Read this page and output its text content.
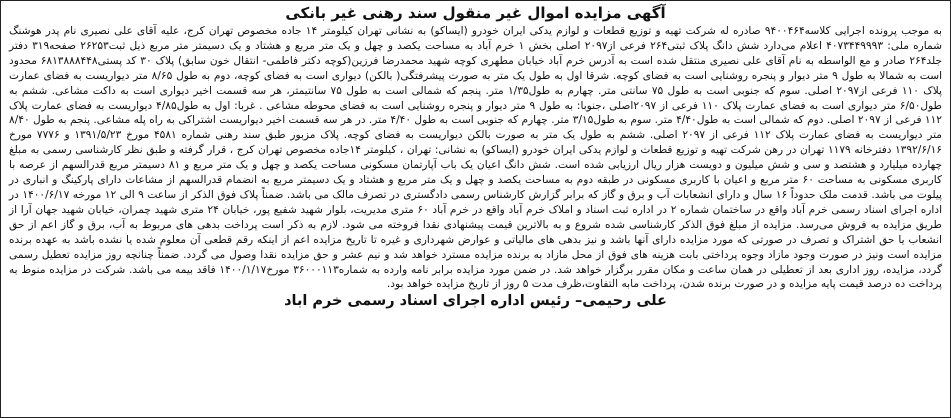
آگهی مزایده اموال غیر منقول سند رهنی غیر بانکی

به موجب پرونده اجرایی کلاسه۹۴۰۰۴۶۴ صادره له شرکت تهیه و توزیع قطعات و لوازم یدکی ایران خودرو (ایساکو) به نشانی تهران کیلومتر ۱۴ جاده مخصوص تهران کرج، علیه آقای علی نصیری نام پدر هوشنگ شماره ملی: ۴۰۷۳۴۴۹۹۹۳ اعلام می‌دارد شش دانگ پلاک ثبتی۲۶۴ فرعی از۲۰۹۷ اصلی بخش ۱ خرم آباد به مساحت یکصد و چهل و یک متر مربع و هشتاد و یک دسیمتر متر مربع ذیل ثبت۲۶۲۵۳ صفحه۳۱۹ دفتر جلد۲۶۴ صادر و مع الواسطه به نام آقای علی نصیری منتقل شده است به آدرس خرم آباد خیابان مطهری کوچه شهید محمدرضا فرزین(کوچه دکتر فاطمی- انتقال خون سابق) پلاک ۳۰ کد پستی۶۸۱۳۸۸۸۴۴۸ محدود است به شمالا به طول ۹ متر دیوار و پنجره روشنایی است به فضای کوچه. شرقا اول به طول یک متر به صورت پیشرفتگی( بالکن) دیواری است به فضای کوچه، دوم به طول ۸/۶۵ متر دیواریست به فضای عمارت پلاک ۱۱۰ فرعی از۲۰۹۷ اصلی. سوم که جنوبی است به طول ۷۵ سانتی متر. چهارم به طول۱/۳۵ متر. پنجم که شمالی است به طول ۷۵ سانتیمتر، هر سه قسمت اخیر دیواری است به داکت مشاعی. ششم به طول۶/۵۰ متر دیواری است به فضای عمارت پلاک ۱۱۰ فرعی از ۲۰۹۷اصلی ،جنوبا: به طول ۹ متر دیوار و پنجره روشنایی است به فضای محوطه مشاعی . غربا: اول به طول۴/۸۵ دیواریست به فضای عمارت پلاک ۱۱۲ فرعی از ۲۰۹۷ اصلی. دوم که شمالی است به طول۴/۴۰ متر. سوم به طول۳/۱۵ متر. چهارم که جنوبی است به طول ۴/۴۰ متر. در هر سه قسمت اخیر دیواریست اشتراکی به راه پله مشاعی. پنجم به طول ۸/۴۰ متر دیواریست به فضای عمارت پلاک ۱۱۲ فرعی از ۲۰۹۷ اصلی. ششم به طول یک متر به صورت بالکن دیواریست به فضای کوچه. پلاک مزبور طبق سند رهنی شماره ۴۵۸۱ مورخ ۱۳۹۱/۵/۲۳ و ۷۷۷۶ مورخ ۱۳۹۲/۶/۱۶ دفترخانه ۱۱۷۹ تهران در رهن شرکت تهیه و توزیع قطعات و لوازم یدکی ایران خودرو (ایساکو) به نشانی: تهران ، کیلومتر ۱۴جاده مخصوص تهران کرج ، قرار گرفته و طبق نظر کارشناسی رسمی به مبلغ چهارده میلیارد و هشتصد و سی و شش میلیون و دویست هزار ریال ارزیابی شده است. شش دانگ اعیان یک باب آپارتمان مسکونی مساحت یکصد و چهل و یک متر مربع و ۸۱ دسیمتر مربع قدرالسهم از عرصه با کاربری مسکونی به مساحت ۶۰ متر مربع و اعیان با کاربری مسکونی در طبقه دوم به مساحت یکصد و چهل و یک متر مربع و هشتاد و یک دسیمتر مربع به انضمام قدرالسهم از مشاعات دارای پارکینگ و انباری در پیلوت می باشد. قدمت ملک حدوداً ۱۶ سال و دارای انشعابات آب و برق و گاز که برابر گزارش کارشناس رسمی دادگستری در تصرف مالک می باشد. ضمناً پلاک فوق الذکر از ساعت ۹ الی ۱۲ مورخه ۱۴۰۰/۶/۱۷ در اداره اجرای اسناد رسمی خرم آباد واقع در ساختمان شماره ۲ در اداره ثبت اسناد و املاک خرم آباد واقع در خرم آباد ۶۰ متری مدیریت، بلوار شهید شفیع پور، خیابان ۲۴ متری شهید چمران، خیابان شهید جهان آرا از طریق مزایده به فروش می‌رسد. مزایده از مبلغ فوق الذکر کارشناسی شده شروع و به بالاترین قیمت پیشنهادی نقدا فروخته می شود. لازم به ذکر است پرداخت بدهی های مربوط به آب، برق و گاز اعم از حق انشعاب یا حق اشتراک و تصرف در صورتی که مورد مزایده دارای آنها باشد و نیز بدهی های مالیاتی و عوارض شهرداری و غیره تا تاریخ مزایده اعم از اینکه رقم قطعی آن معلوم شده یا نشده باشد به عهده برنده مزایده است ونیز در صورت وجود مازاد وجوه پرداختی بابت هزینه های فوق از محل مازاد به برنده مزایده مسترد خواهد شد و نیم عشر و حق مزایده نقدا وصول می گردد. ضمناً چنانچه روز مزایده تعطیل رسمی گردد، مزایده، روز اداری بعد از تعطیلی در همان ساعت و مکان مقرر برگزار خواهد شد. در ضمن مورد مزایده برابر نامه وارده به شماره۳۶۰۰۰۱۱۳ مورخ۱۴۰۰/۱/۱۷ فاقد بیمه می باشد. شرکت در مزایده منوط به پرداخت ده درصد قیمت پایه مزایده و در صورت برنده شدن، پرداخت مابه التفاوت،ظرف مدت ۵ روز از تاریخ مزایده خواهد بود.

علی رحیمی– رئیس اداره اجرای اسناد رسمی خرم اباد
